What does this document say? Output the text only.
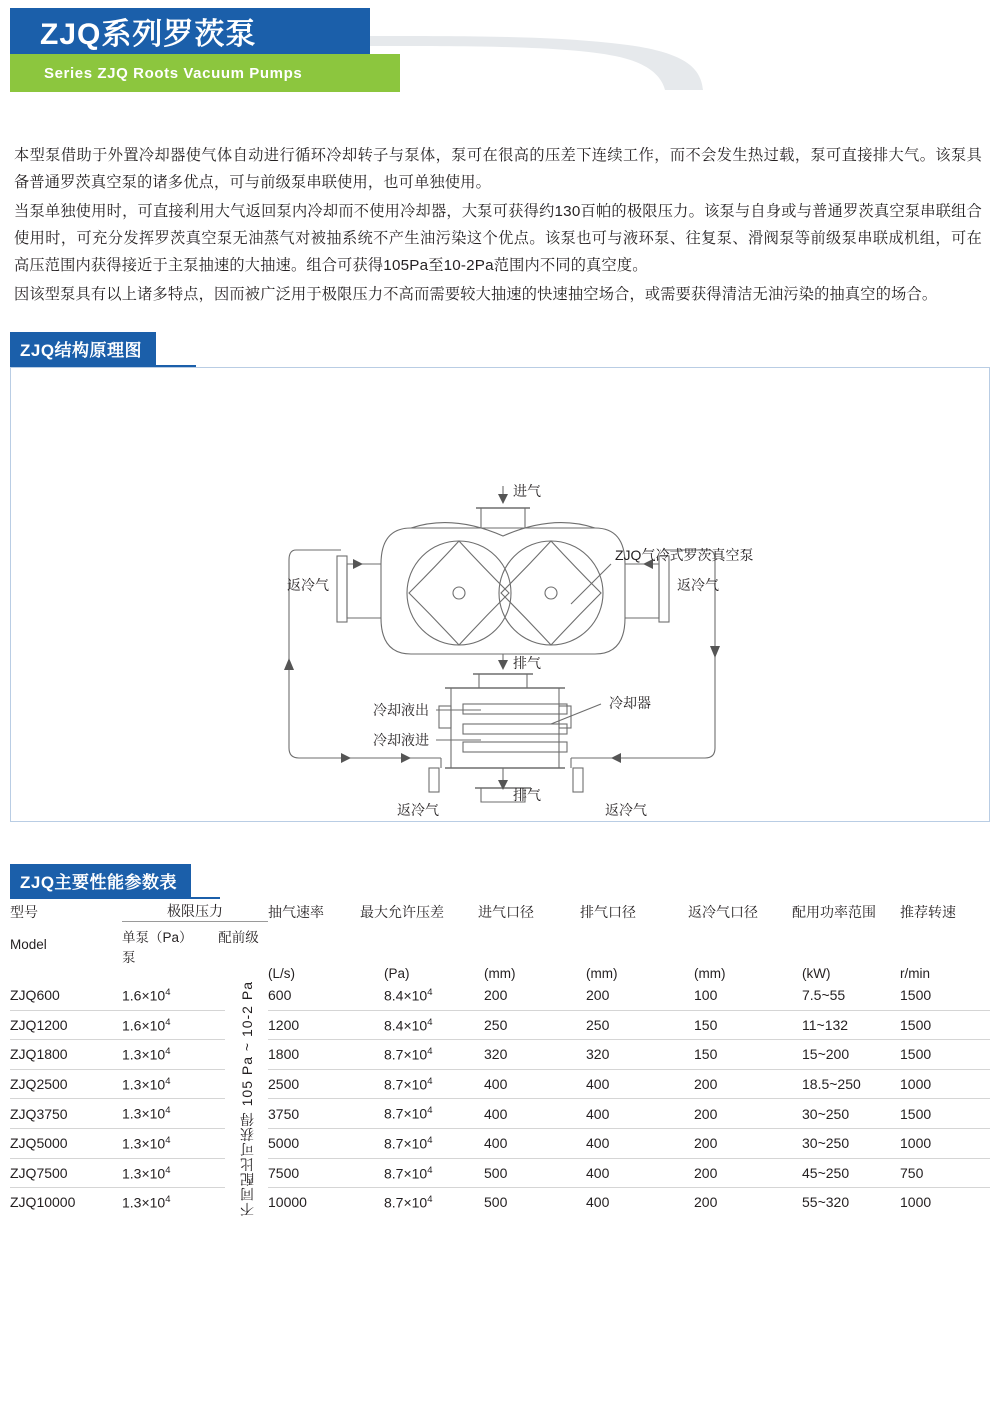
ZJQ系列罗茨泵
Series ZJQ Roots Vacuum Pumps

本型泵借助于外置冷却器使气体自动进行循环冷却转子与泵体，泵可在很高的压差下连续工作，而不会发生热过载，泵可直接排大气。该泵具备普通罗茨真空泵的诸多优点，可与前级泵串联使用，也可单独使用。

当泵单独使用时，可直接利用大气返回泵内冷却而不使用冷却器，大泵可获得约130百帕的极限压力。该泵与自身或与普通罗茨真空泵串联组合使用时，可充分发挥罗茨真空泵无油蒸气对被抽系统不产生油污染这个优点。该泵也可与液环泵、往复泵、滑阀泵等前级泵串联成机组，可在高压范围内获得接近于主泵抽速的大抽速。组合可获得105Pa至10-2Pa范围内不同的真空度。

因该型泵具有以上诸多特点，因而被广泛用于极限压力不高而需要较大抽速的快速抽空场合，或需要获得清洁无油污染的抽真空的场合。

ZJQ结构原理图
进气
ZJQ气冷式罗茨真空泵
返冷气	返冷气
排气
冷却液出
冷却液进
冷却器
返冷气	返冷气
排气
ZJQ主要性能参数表
型号	极限压力		抽气速率	最大允许压差	进气口径	排气口径	返冷气口径	配用功率范围	推荐转速
Model	单泵（Pa） 配前级泵								
			(L/s)	(Pa)	(mm)	(mm)	(mm)	(kW)	r/min
ZJQ600	$1.6\times 10^4$	不同配比可获得 105 Pa ~ 10-2 Pa	600	$8.4\times 10^4$	200	200	100	7.5~55	1500
ZJQ1200	$1.6\times 10^4$		1200	$8.4\times 10^4$	250	250	150	11~132	1500
ZJQ1800	$1.3\times 10^4$		1800	$8.7\times 10^4$	320	320	150	15~200	1500
ZJQ2500	$1.3\times 10^4$		2500	$8.7\times 10^4$	400	400	200	18.5~250	1000
ZJQ3750	$1.3\times 10^4$		3750	$8.7\times 10^4$	400	400	200	30~250	1500
ZJQ5000	$1.3\times 10^4$		5000	$8.7\times 10^4$	400	400	200	30~250	1000
ZJQ7500	$1.3\times 10^4$		7500	$8.7\times 10^4$	500	400	200	45~250	750
ZJQ10000	$1.3\times 10^4$		10000	$8.7\times 10^4$	500	400	200	55~320	1000
